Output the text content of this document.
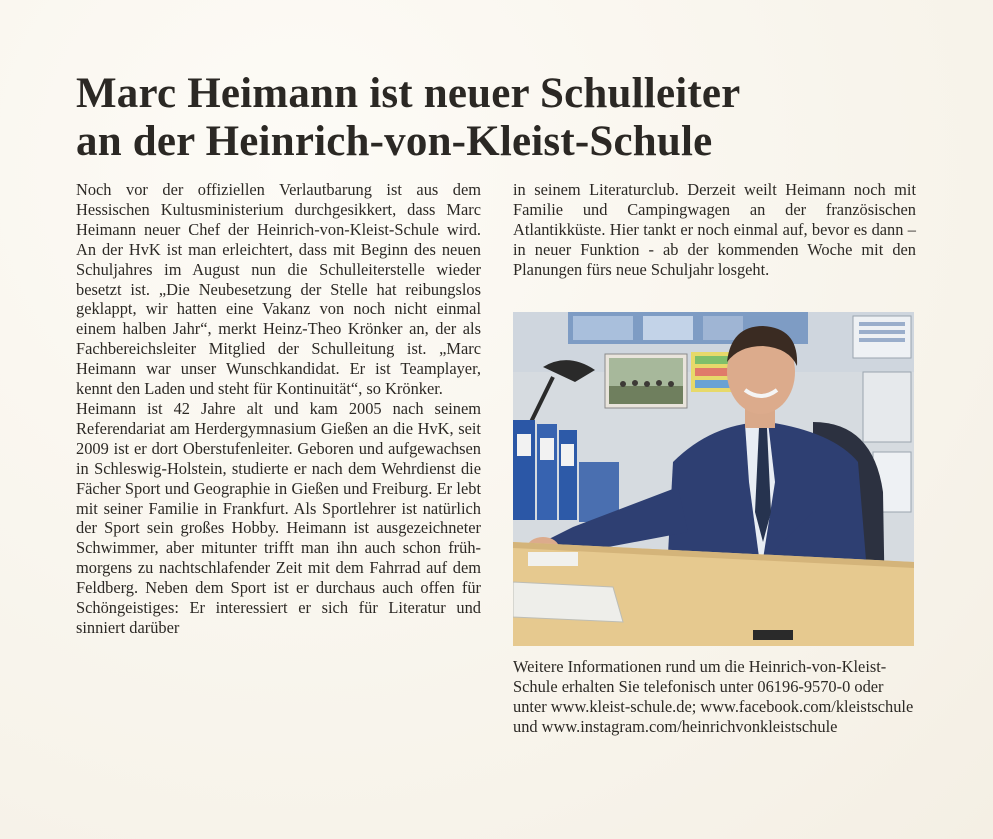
Marc Heimann ist neuer Schulleiter
an der Heinrich-von-Kleist-Schule

Noch vor der offiziellen Verlautbarung ist aus dem Hessischen Kultusministerium durchgesikkert, dass Marc Heimann neuer Chef der Heinrich-von-Kleist-Schule wird. An der HvK ist man erleichtert, dass mit Beginn des neuen Schuljahres im August nun die Schulleiterstelle wieder besetzt ist. „Die Neubesetzung der Stelle hat reibungslos geklappt, wir hatten eine Vakanz von noch nicht einmal einem halben Jahr“, merkt Heinz-Theo Krönker an, der als Fachbereichsleiter Mitglied der Schulleitung ist. „Marc Heimann war unser Wunschkandidat. Er ist Teamplayer, kennt den Laden und steht für Kontinuität“, so Krönker.

Heimann ist 42 Jahre alt und kam 2005 nach seinem Referendariat am Herdergymnasium Gießen an die HvK, seit 2009 ist er dort Oberstufenleiter. Geboren und aufgewachsen in Schleswig-Holstein, studierte er nach dem Wehrdienst die Fächer Sport und Geographie in Gießen und Freiburg. Er lebt mit seiner Familie in Frankfurt. Als Sportlehrer ist natürlich der Sport sein großes Hobby. Heimann ist ausgezeichneter Schwimmer, aber mitunter trifft man ihn auch schon frühmorgens zu nachtschlafender Zeit mit dem Fahrrad auf dem Feldberg. Neben dem Sport ist er durchaus auch offen für Schöngeistiges: Er interessiert er sich für Literatur und sinniert darüber

in seinem Literaturclub. Derzeit weilt Heimann noch mit Familie und Campingwagen an der französischen Atlantikküste. Hier tankt er noch einmal auf, bevor es dann – in neuer Funktion - ab der kommenden Woche mit den Planungen fürs neue Schuljahr losgeht.

Weitere Informationen rund um die Heinrich-von-Kleist-Schule erhalten Sie telefonisch unter 06196-9570-0 oder unter www.kleist-schule.de; www.facebook.com/kleistschule und www.instagram.com/heinrichvonkleistschule
